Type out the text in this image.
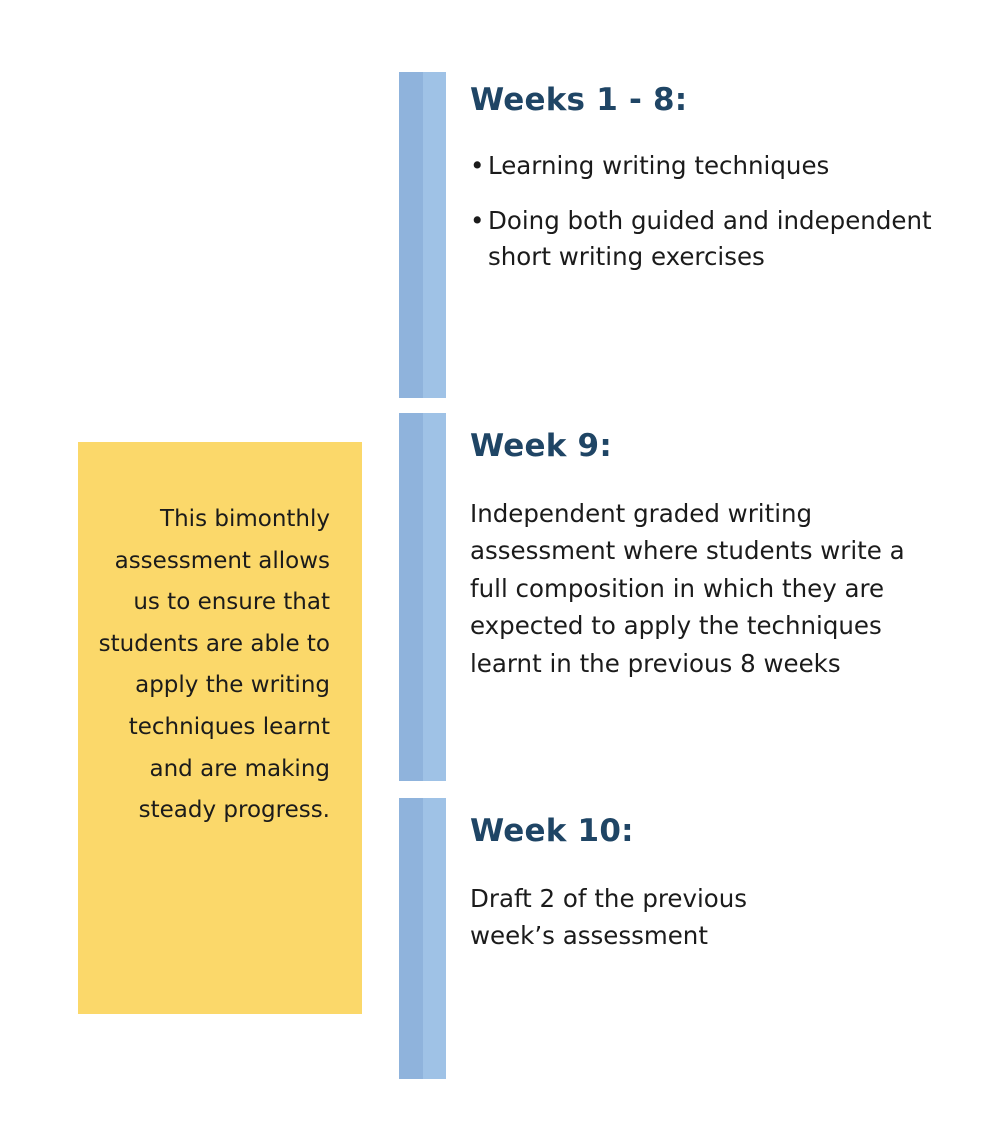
This bimonthly assessment allows us to ensure that students are able to apply the writing techniques learnt and are making steady progress.
Weeks 1 - 8:
• Learning writing techniques
• Doing both guided and independent short writing exercises
Week 9:

Independent graded writing assessment where students write a full composition in which they are expected to apply the techniques learnt in the previous 8 weeks

Week 10:

Draft 2 of the previous week’s assessment
